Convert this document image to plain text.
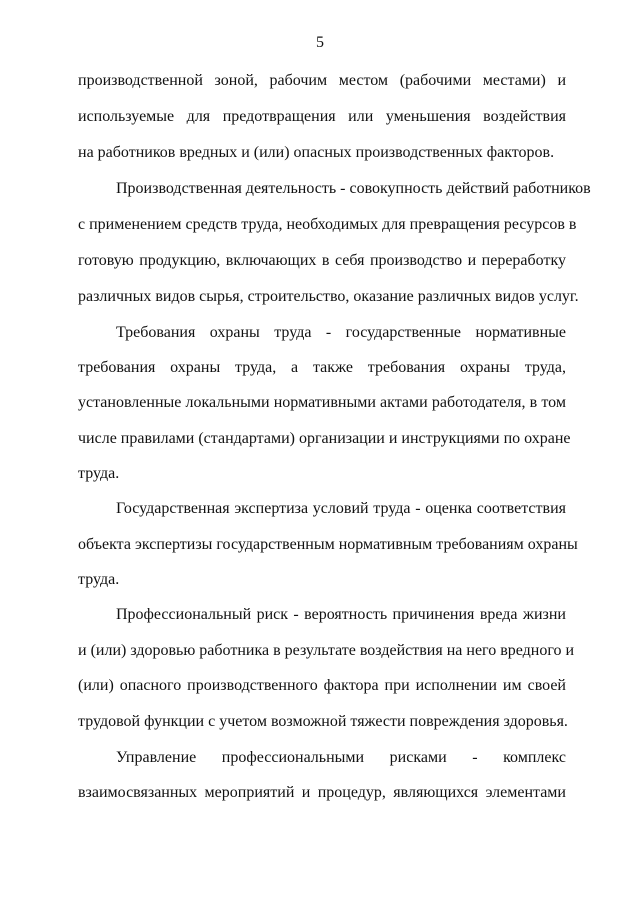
5
производственной зоной, рабочим местом (рабочими местами) и
используемые для предотвращения или уменьшения воздействия
на работников вредных и (или) опасных производственных факторов.
Производственная деятельность - совокупность действий работников
с применением средств труда, необходимых для превращения ресурсов в
готовую продукцию, включающих в себя производство и переработку
различных видов сырья, строительство, оказание различных видов услуг.
Требования охраны труда - государственные нормативные
требования охраны труда, а также требования охраны труда,
установленные локальными нормативными актами работодателя, в том
числе правилами (стандартами) организации и инструкциями по охране
труда.
Государственная экспертиза условий труда - оценка соответствия
объекта экспертизы государственным нормативным требованиям охраны
труда.
Профессиональный риск - вероятность причинения вреда жизни
и (или) здоровью работника в результате воздействия на него вредного и
(или) опасного производственного фактора при исполнении им своей
трудовой функции с учетом возможной тяжести повреждения здоровья.
Управление профессиональными рисками - комплекс
взаимосвязанных мероприятий и процедур, являющихся элементами
